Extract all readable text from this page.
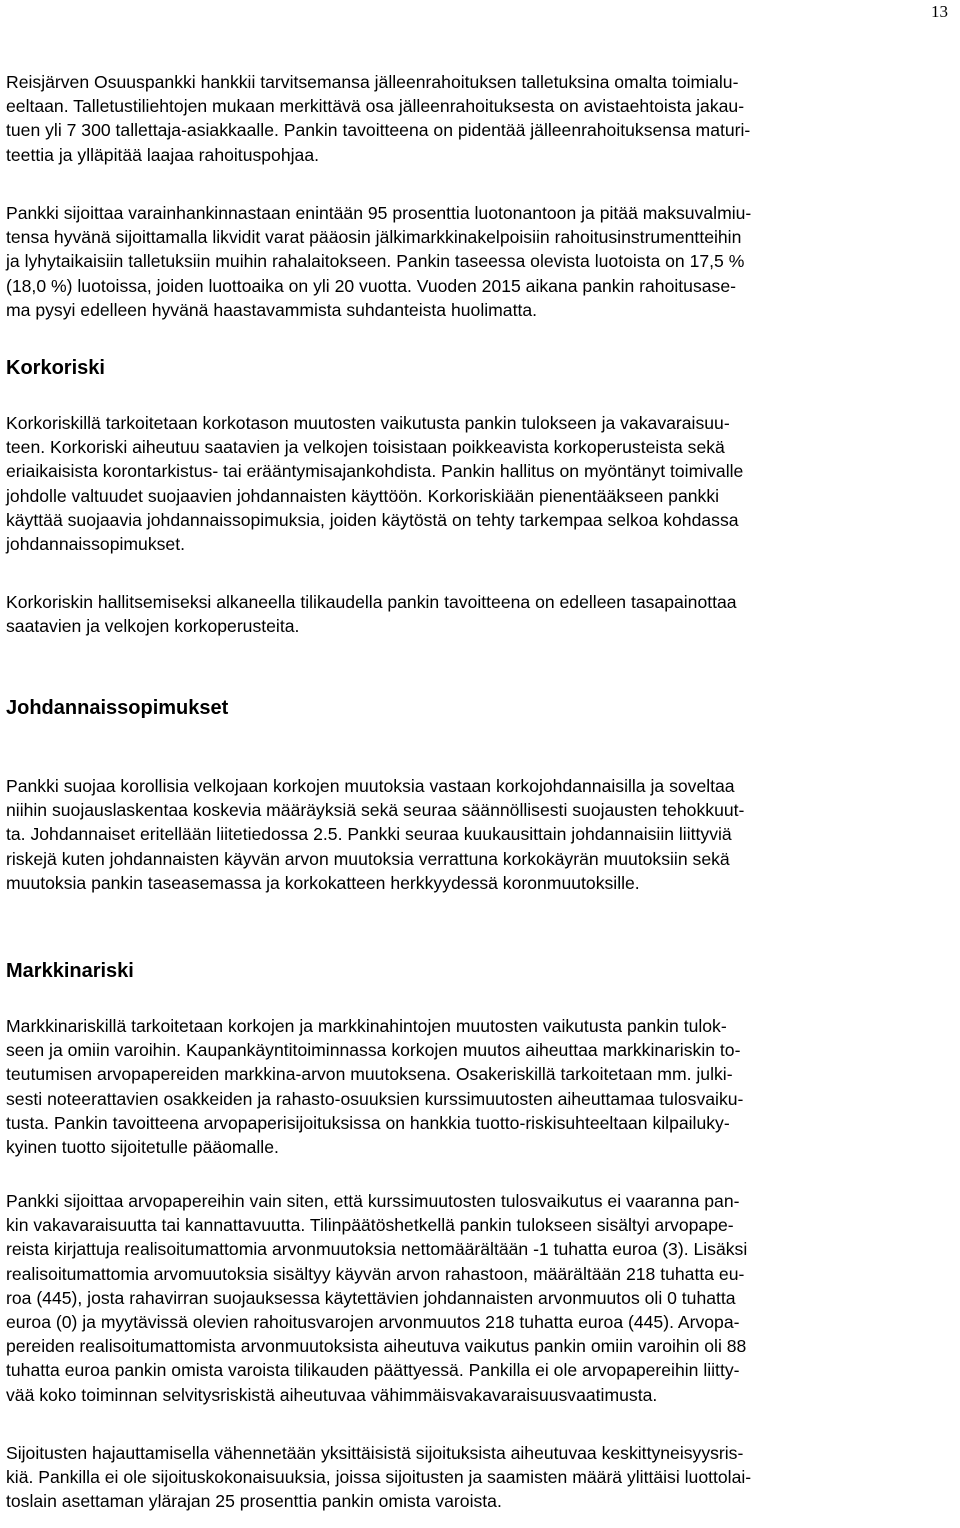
13
Reisjärven Osuuspankki hankkii tarvitsemansa jälleenrahoituksen talletuksina omalta toimialu-
eeltaan. Talletustiliehtojen mukaan merkittävä osa jälleenrahoituksesta on avistaehtoista jakau-
tuen yli 7 300 tallettaja-asiakkaalle. Pankin tavoitteena on pidentää jälleenrahoituksensa maturi-
teettia ja ylläpitää laajaa rahoituspohjaa.
Pankki sijoittaa varainhankinnastaan enintään 95 prosenttia luotonantoon ja pitää maksuvalmiu-
tensa hyvänä sijoittamalla likvidit varat pääosin jälkimarkkinakelpoisiin rahoitusinstrumentteihin
ja lyhytaikaisiin talletuksiin muihin rahalaitokseen. Pankin taseessa olevista luotoista on 17,5 %
(18,0 %) luotoissa, joiden luottoaika on yli 20 vuotta. Vuoden 2015 aikana pankin rahoitusase-
ma pysyi edelleen hyvänä haastavammista suhdanteista huolimatta.
Korkoriski
Korkoriskillä tarkoitetaan korkotason muutosten vaikutusta pankin tulokseen ja vakavaraisuu-
teen. Korkoriski aiheutuu saatavien ja velkojen toisistaan poikkeavista korkoperusteista sekä
eriaikaisista korontarkistus- tai erääntymisajankohdista. Pankin hallitus on myöntänyt toimivalle
johdolle valtuudet suojaavien johdannaisten käyttöön. Korkoriskiään pienentääkseen pankki
käyttää suojaavia johdannaissopimuksia, joiden käytöstä on tehty tarkempaa selkoa kohdassa
johdannaissopimukset.
Korkoriskin hallitsemiseksi alkaneella tilikaudella pankin tavoitteena on edelleen tasapainottaa
saatavien ja velkojen korkoperusteita.
Johdannaissopimukset
Pankki suojaa korollisia velkojaan korkojen muutoksia vastaan korkojohdannaisilla ja soveltaa
niihin suojauslaskentaa koskevia määräyksiä sekä seuraa säännöllisesti suojausten tehokkuut-
ta. Johdannaiset eritellään liitetiedossa 2.5. Pankki seuraa kuukausittain johdannaisiin liittyviä
riskejä kuten johdannaisten käyvän arvon muutoksia verrattuna korkokäyrän muutoksiin sekä
muutoksia pankin taseasemassa ja korkokatteen herkkyydessä koronmuutoksille.
Markkinariski
Markkinariskillä tarkoitetaan korkojen ja markkinahintojen muutosten vaikutusta pankin tulok-
seen ja omiin varoihin. Kaupankäyntitoiminnassa korkojen muutos aiheuttaa markkinariskin to-
teutumisen arvopapereiden markkina-arvon muutoksena. Osakeriskillä tarkoitetaan mm. julki-
sesti noteerattavien osakkeiden ja rahasto-osuuksien kurssimuutosten aiheuttamaa tulosvaiku-
tusta. Pankin tavoitteena arvopaperisijoituksissa on hankkia tuotto-riskisuhteeltaan kilpailuky-
kyinen tuotto sijoitetulle pääomalle.
Pankki sijoittaa arvopapereihin vain siten, että kurssimuutosten tulosvaikutus ei vaaranna pan-
kin vakavaraisuutta tai kannattavuutta. Tilinpäätöshetkellä pankin tulokseen sisältyi arvopape-
reista kirjattuja realisoitumattomia arvonmuutoksia nettomäärältään -1 tuhatta euroa (3). Lisäksi
realisoitumattomia arvomuutoksia sisältyy käyvän arvon rahastoon, määrältään 218 tuhatta eu-
roa (445), josta rahavirran suojauksessa käytettävien johdannaisten arvonmuutos oli 0 tuhatta
euroa (0) ja myytävissä olevien rahoitusvarojen arvonmuutos 218 tuhatta euroa (445). Arvopa-
pereiden realisoitumattomista arvonmuutoksista aiheutuva vaikutus pankin omiin varoihin oli 88
tuhatta euroa pankin omista varoista tilikauden päättyessä. Pankilla ei ole arvopapereihin liitty-
vää koko toiminnan selvitysriskistä aiheutuvaa vähimmäisvakavaraisuusvaatimusta.
Sijoitusten hajauttamisella vähennetään yksittäisistä sijoituksista aiheutuvaa keskittyneisyysris-
kiä. Pankilla ei ole sijoituskokonaisuuksia, joissa sijoitusten ja saamisten määrä ylittäisi luottolai-
toslain asettaman ylärajan 25 prosenttia pankin omista varoista.
